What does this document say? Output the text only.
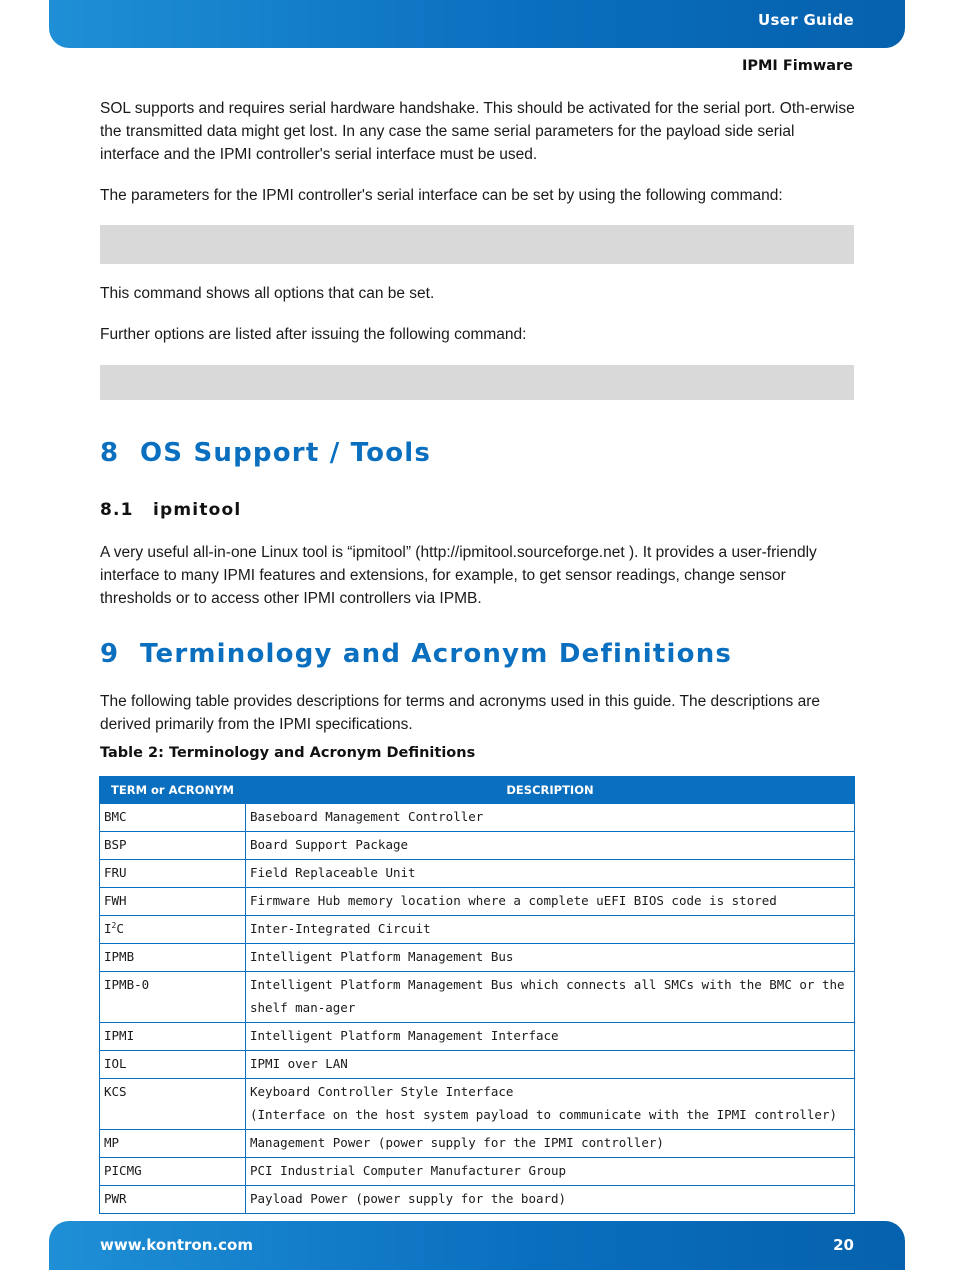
User Guide
IPMI Fimware

SOL supports and requires serial hardware handshake. This should be activated for the serial port. Oth-erwise the transmitted data might get lost. In any case the same serial parameters for the payload side serial interface and the IPMI controller's serial interface must be used.

The parameters for the IPMI controller's serial interface can be set by using the following command:

This command shows all options that can be set.

Further options are listed after issuing the following command:

8 OS Support / Tools
8.1 ipmitool

A very useful all-in-one Linux tool is “ipmitool” (http://ipmitool.sourceforge.net ). It provides a user-friendly interface to many IPMI features and extensions, for example, to get sensor readings, change sensor thresholds or to access other IPMI controllers via IPMB.

9 Terminology and Acronym Definitions

The following table provides descriptions for terms and acronyms used in this guide. The descriptions are derived primarily from the IPMI specifications.

Table 2: Terminology and Acronym Definitions
TERM or ACRONYM	DESCRIPTION
BMC	Baseboard Management Controller
BSP	Board Support Package
FRU	Field Replaceable Unit
FWH	Firmware Hub memory location where a complete uEFI BIOS code is stored
$I^2C$	Inter-Integrated Circuit
IPMB	Intelligent Platform Management Bus
IPMB-0	Intelligent Platform Management Bus which connects all SMCs with the BMC or the shelf man-ager
IPMI	Intelligent Platform Management Interface
IOL	IPMI over LAN
KCS	Keyboard Controller Style Interface
(Interface on the host system payload to communicate with the IPMI controller)

MP	Management Power (power supply for the IPMI controller)
PICMG	PCI Industrial Computer Manufacturer Group
PWR	Payload Power (power supply for the board)
www.kontron.com	20
